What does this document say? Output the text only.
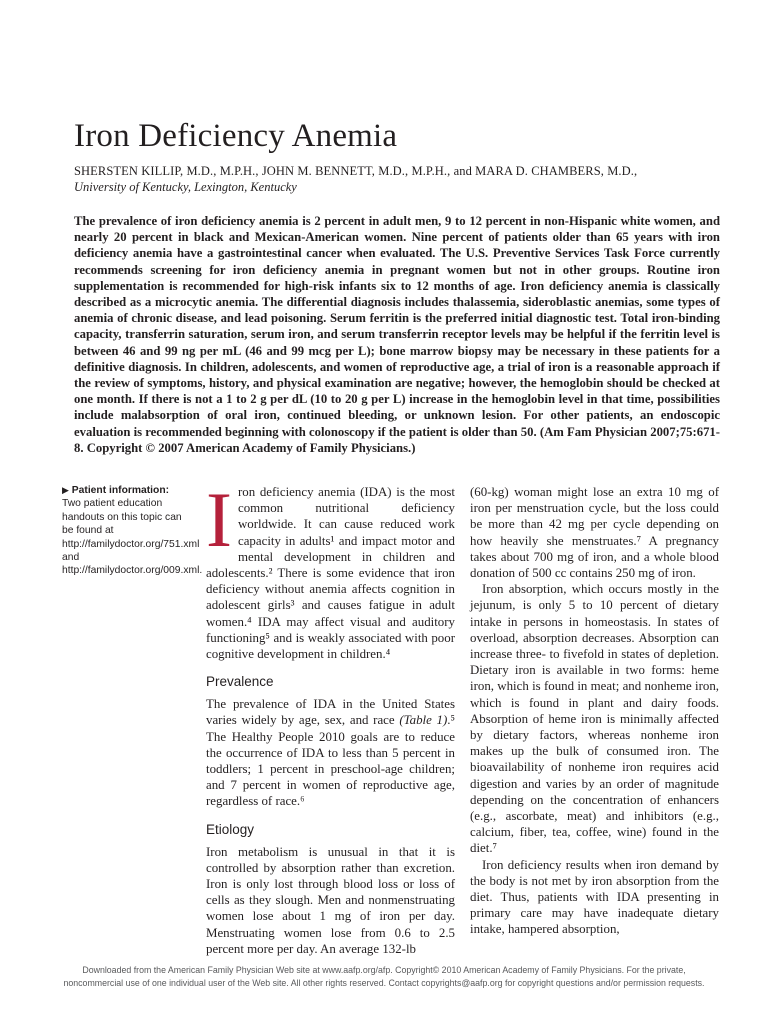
Iron Deficiency Anemia
SHERSTEN KILLIP, M.D., M.P.H., JOHN M. BENNETT, M.D., M.P.H., and MARA D. CHAMBERS, M.D.,
University of Kentucky, Lexington, Kentucky

The prevalence of iron deficiency anemia is 2 percent in adult men, 9 to 12 percent in non-Hispanic white women, and nearly 20 percent in black and Mexican-American women. Nine percent of patients older than 65 years with iron deficiency anemia have a gastrointestinal cancer when evaluated. The U.S. Preventive Services Task Force currently recommends screening for iron deficiency anemia in pregnant women but not in other groups. Routine iron supplementation is recommended for high-risk infants six to 12 months of age. Iron deficiency anemia is classically described as a microcytic anemia. The differential diagnosis includes thalassemia, sideroblastic anemias, some types of anemia of chronic disease, and lead poisoning. Serum ferritin is the preferred initial diagnostic test. Total iron-binding capacity, transferrin saturation, serum iron, and serum transferrin receptor levels may be helpful if the ferritin level is between 46 and 99 ng per mL (46 and 99 mcg per L); bone marrow biopsy may be necessary in these patients for a definitive diagnosis. In children, adolescents, and women of reproductive age, a trial of iron is a reasonable approach if the review of symptoms, history, and physical examination are negative; however, the hemoglobin should be checked at one month. If there is not a 1 to 2 g per dL (10 to 20 g per L) increase in the hemoglobin level in that time, possibilities include malabsorption of oral iron, continued bleeding, or unknown lesion. For other patients, an endoscopic evaluation is recommended beginning with colonoscopy if the patient is older than 50. (Am Fam Physician 2007;75:671-8. Copyright © 2007 American Academy of Family Physicians.)

▶ Patient information:
Two patient education handouts on this topic can be found at http://familydoctor.org/751.xml and http://familydoctor.org/009.xml.

Iron deficiency anemia (IDA) is the most common nutritional deficiency worldwide. It can cause reduced work capacity in adults¹ and impact motor and mental development in children and adolescents.² There is some evidence that iron deficiency without anemia affects cognition in adolescent girls³ and causes fatigue in adult women.⁴ IDA may affect visual and auditory functioning⁵ and is weakly associated with poor cognitive development in children.⁴

Prevalence

The prevalence of IDA in the United States varies widely by age, sex, and race (Table 1).⁵ The Healthy People 2010 goals are to reduce the occurrence of IDA to less than 5 percent in toddlers; 1 percent in preschool-age children; and 7 percent in women of reproductive age, regardless of race.⁶

Etiology

Iron metabolism is unusual in that it is controlled by absorption rather than excretion. Iron is only lost through blood loss or loss of cells as they slough. Men and nonmenstruating women lose about 1 mg of iron per day. Menstruating women lose from 0.6 to 2.5 percent more per day. An average 132-lb

(60-kg) woman might lose an extra 10 mg of iron per menstruation cycle, but the loss could be more than 42 mg per cycle depending on how heavily she menstruates.⁷ A pregnancy takes about 700 mg of iron, and a whole blood donation of 500 cc contains 250 mg of iron.

Iron absorption, which occurs mostly in the jejunum, is only 5 to 10 percent of dietary intake in persons in homeostasis. In states of overload, absorption decreases. Absorption can increase three- to fivefold in states of depletion. Dietary iron is available in two forms: heme iron, which is found in meat; and nonheme iron, which is found in plant and dairy foods. Absorption of heme iron is minimally affected by dietary factors, whereas nonheme iron makes up the bulk of consumed iron. The bioavailability of nonheme iron requires acid digestion and varies by an order of magnitude depending on the concentration of enhancers (e.g., ascorbate, meat) and inhibitors (e.g., calcium, fiber, tea, coffee, wine) found in the diet.⁷

Iron deficiency results when iron demand by the body is not met by iron absorption from the diet. Thus, patients with IDA presenting in primary care may have inadequate dietary intake, hampered absorption,

Downloaded from the American Family Physician Web site at www.aafp.org/afp. Copyright© 2010 American Academy of Family Physicians. For the private, noncommercial use of one individual user of the Web site. All other rights reserved. Contact copyrights@aafp.org for copyright questions and/or permission requests.
